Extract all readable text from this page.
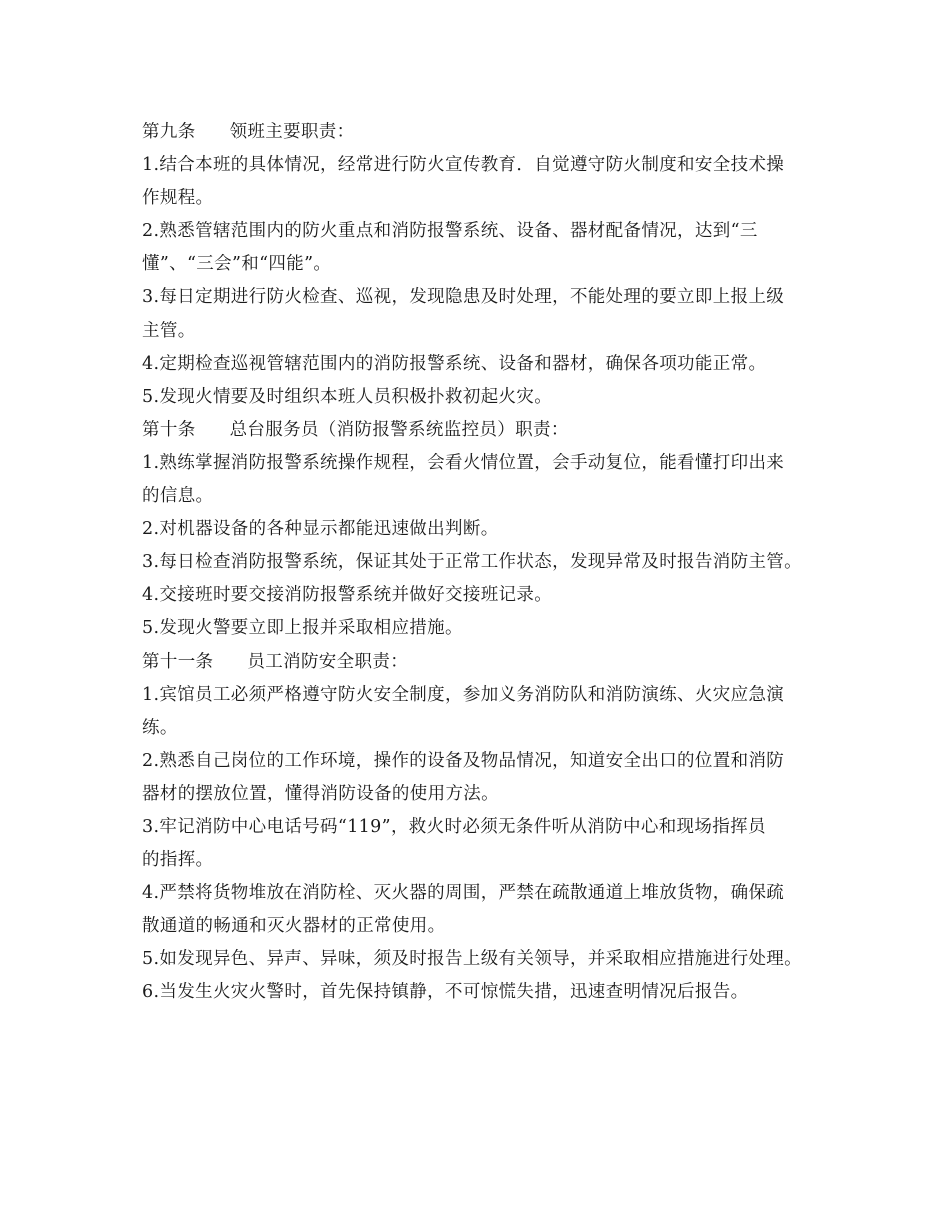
第九条 领班主要职责：
1.结合本班的具体情况，经常进行防火宣传教育．自觉遵守防火制度和安全技术操
作规程。
2.熟悉管辖范围内的防火重点和消防报警系统、设备、器材配备情况，达到“三
懂”、“三会”和“四能”。
3.每日定期进行防火检查、巡视，发现隐患及时处理，不能处理的要立即上报上级
主管。
4.定期检查巡视管辖范围内的消防报警系统、设备和器材，确保各项功能正常。
5.发现火情要及时组织本班人员积极扑救初起火灾。
第十条 总台服务员（消防报警系统监控员）职责：
1.熟练掌握消防报警系统操作规程，会看火情位置，会手动复位，能看懂打印出来
的信息。
2.对机器设备的各种显示都能迅速做出判断。
3.每日检查消防报警系统，保证其处于正常工作状态，发现异常及时报告消防主管。
4.交接班时要交接消防报警系统并做好交接班记录。
5.发现火警要立即上报并采取相应措施。
第十一条 员工消防安全职责：
1.宾馆员工必须严格遵守防火安全制度，参加义务消防队和消防演练、火灾应急演
练。
2.熟悉自己岗位的工作环境，操作的设备及物品情况，知道安全出口的位置和消防
器材的摆放位置，懂得消防设备的使用方法。
3.牢记消防中心电话号码“119”，救火时必须无条件听从消防中心和现场指挥员
的指挥。
4.严禁将货物堆放在消防栓、灭火器的周围，严禁在疏散通道上堆放货物，确保疏
散通道的畅通和灭火器材的正常使用。
5.如发现异色、异声、异味，须及时报告上级有关领导，并采取相应措施进行处理。
6.当发生火灾火警时，首先保持镇静，不可惊慌失措，迅速查明情况后报告。
